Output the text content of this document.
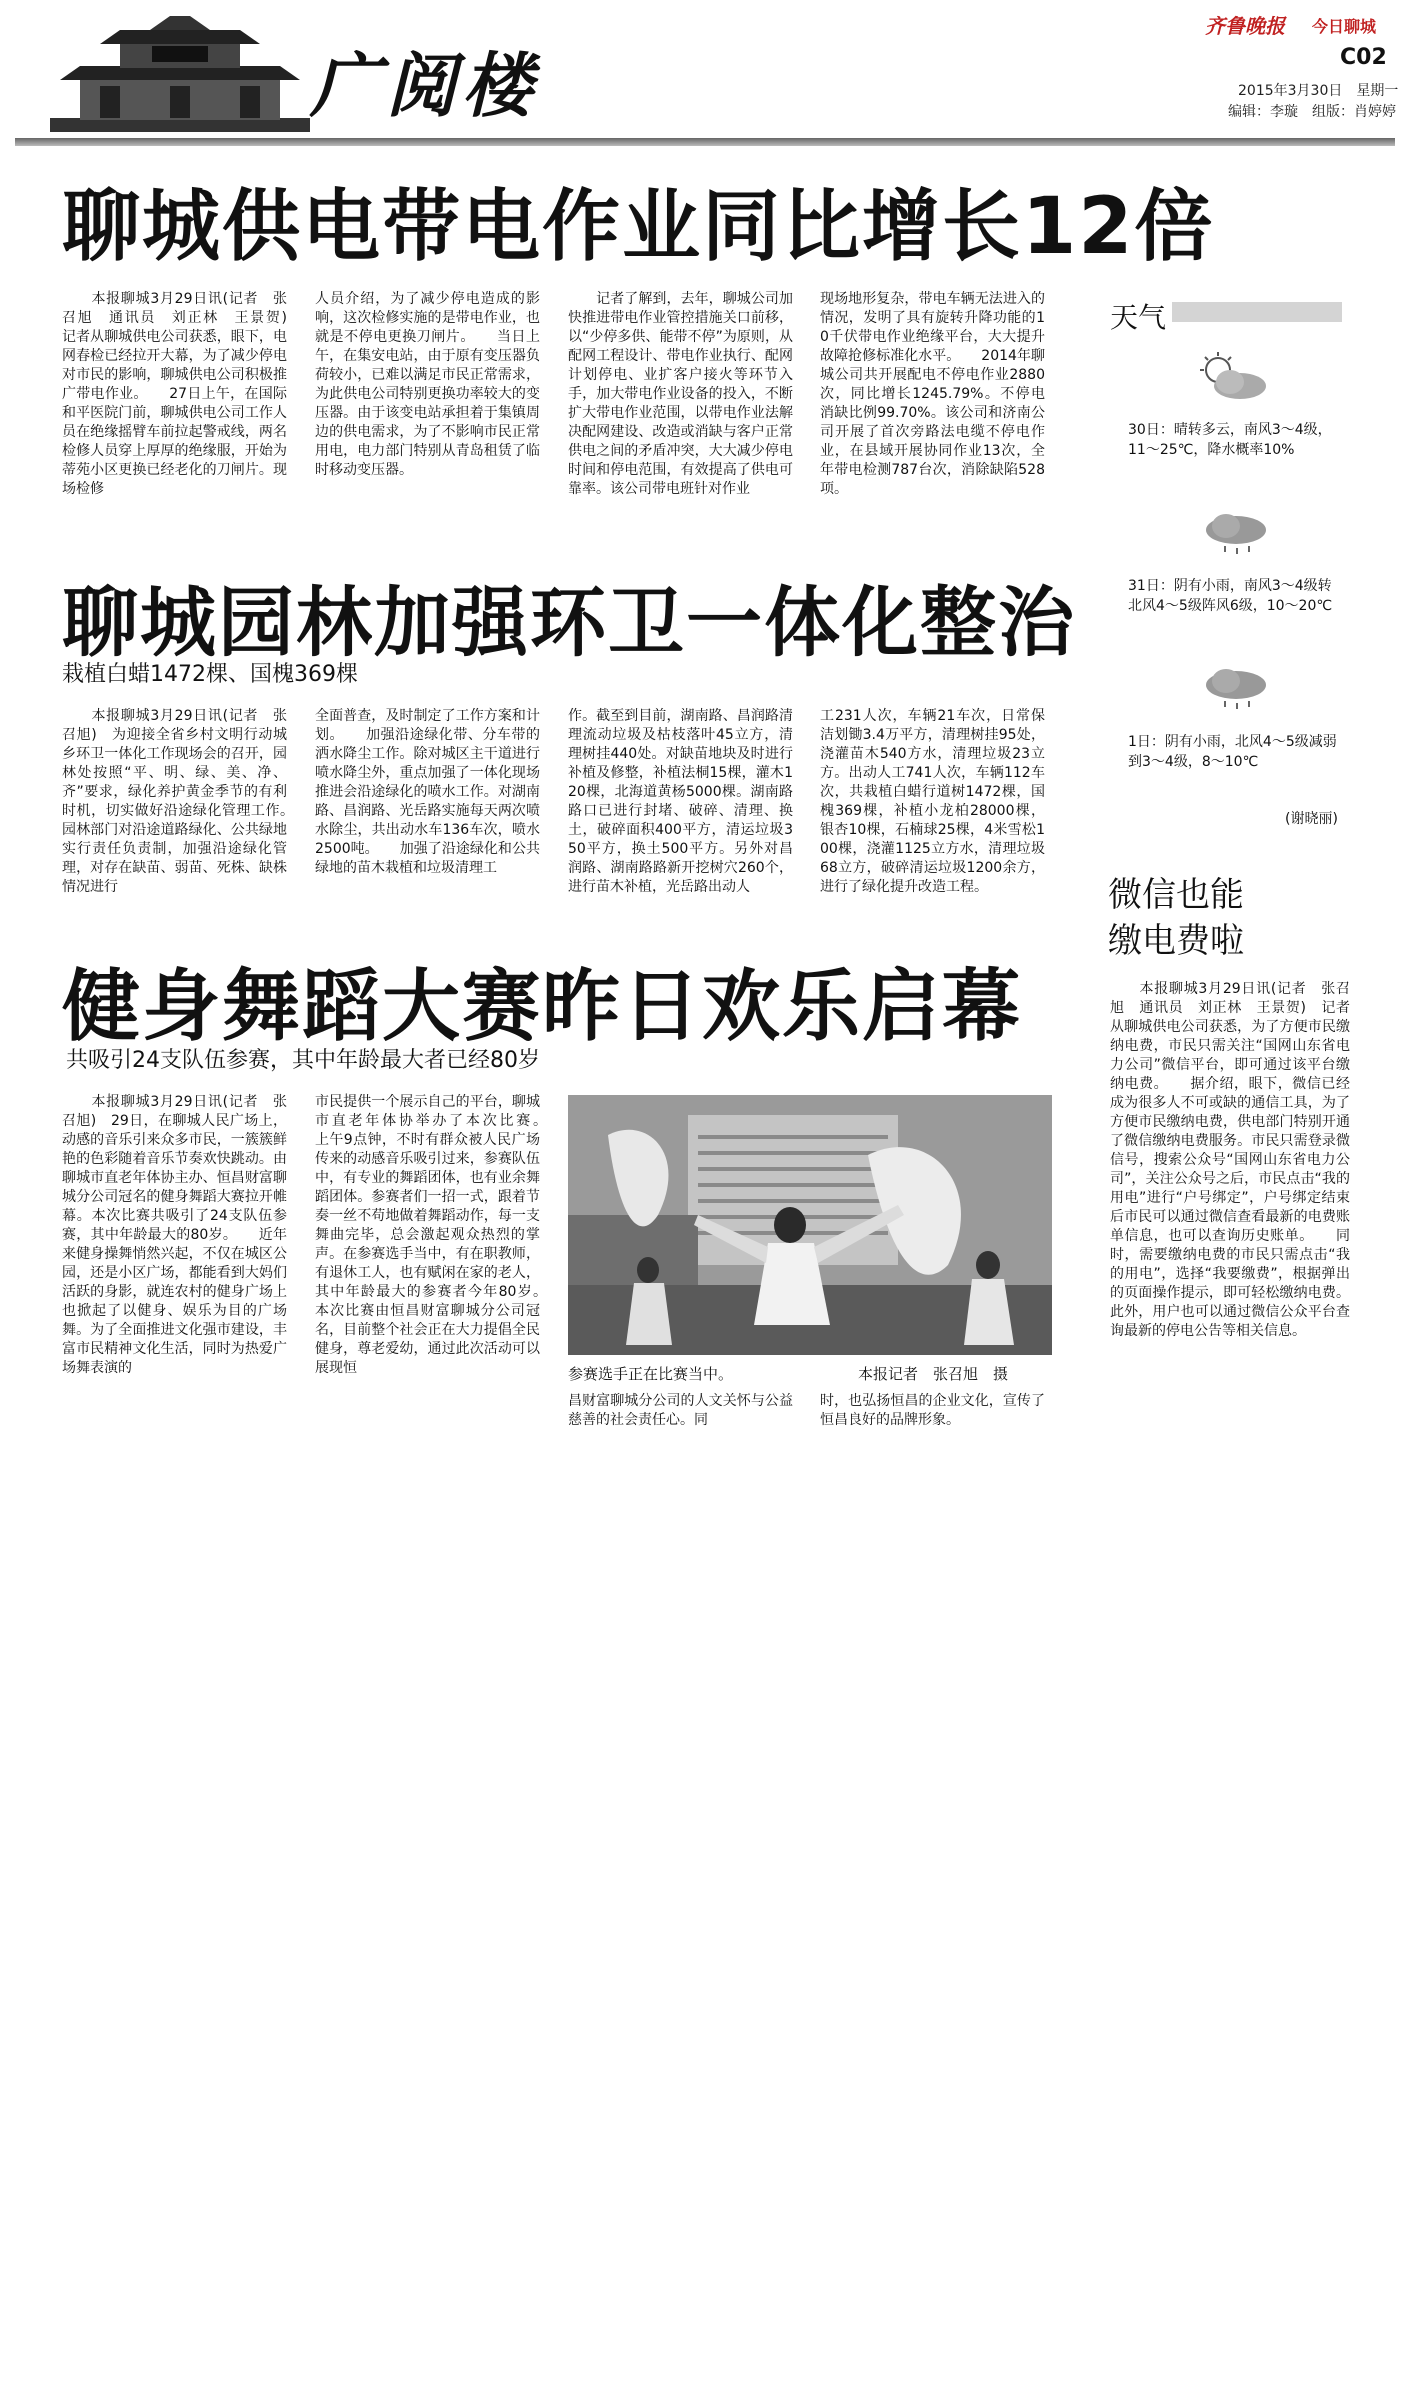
广阅楼
齐鲁晚报 今日聊城
C02
2015年3月30日　星期一
编辑：李璇　组版：肖婷婷
聊城供电带电作业同比增长12倍
　　本报聊城3月29日讯(记者　张召旭　通讯员　刘正林　王景贺)　记者从聊城供电公司获悉，眼下，电网春检已经拉开大幕，为了减少停电对市民的影响，聊城供电公司积极推广带电作业。　　27日上午，在国际和平医院门前，聊城供电公司工作人员在绝缘摇臂车前拉起警戒线，两名检修人员穿上厚厚的绝缘服，开始为蒂苑小区更换已经老化的刀闸片。现场检修
人员介绍，为了减少停电造成的影响，这次检修实施的是带电作业，也就是不停电更换刀闸片。　　当日上午，在集安电站，由于原有变压器负荷较小，已难以满足市民正常需求，为此供电公司特别更换功率较大的变压器。由于该变电站承担着于集镇周边的供电需求，为了不影响市民正常用电，电力部门特别从青岛租赁了临时移动变压器。
　　记者了解到，去年，聊城公司加快推进带电作业管控措施关口前移，以“少停多供、能带不停”为原则，从配网工程设计、带电作业执行、配网计划停电、业扩客户接火等环节入手，加大带电作业设备的投入，不断扩大带电作业范围，以带电作业法解决配网建设、改造或消缺与客户正常供电之间的矛盾冲突，大大减少停电时间和停电范围，有效提高了供电可靠率。该公司带电班针对作业
现场地形复杂，带电车辆无法进入的情况，发明了具有旋转升降功能的10千伏带电作业绝缘平台，大大提升故障抢修标准化水平。　　2014年聊城公司共开展配电不停电作业2880次，同比增长1245.79%。不停电消缺比例99.70%。该公司和济南公司开展了首次旁路法电缆不停电作业，在县域开展协同作业13次，全年带电检测787台次，消除缺陷528项。
聊城园林加强环卫一体化整治
栽植白蜡1472棵、国槐369棵
　　本报聊城3月29日讯(记者　张召旭)　为迎接全省乡村文明行动城乡环卫一体化工作现场会的召开，园林处按照“平、明、绿、美、净、齐”要求，绿化养护黄金季节的有利时机，切实做好沿途绿化管理工作。　　园林部门对沿途道路绿化、公共绿地实行责任负责制，加强沿途绿化管理，对存在缺苗、弱苗、死株、缺株情况进行
全面普查，及时制定了工作方案和计划。　　加强沿途绿化带、分车带的洒水降尘工作。除对城区主干道进行喷水降尘外，重点加强了一体化现场推进会沿途绿化的喷水工作。对湖南路、昌润路、光岳路实施每天两次喷水除尘，共出动水车136车次，喷水2500吨。　　加强了沿途绿化和公共绿地的苗木栽植和垃圾清理工
作。截至到目前，湖南路、昌润路清理流动垃圾及枯枝落叶45立方，清理树挂440处。对缺苗地块及时进行补植及修整，补植法桐15棵，灌木120棵，北海道黄杨5000棵。湖南路路口已进行封堵、破碎、清理、换土，破碎面积400平方，清运垃圾350平方，换土500平方。另外对昌润路、湖南路路新开挖树穴260个，进行苗木补植，光岳路出动人
工231人次，车辆21车次，日常保洁划锄3.4万平方，清理树挂95处，浇灌苗木540方水，清理垃圾23立方。出动人工741人次，车辆112车次，共栽植白蜡行道树1472棵，国槐369棵，补植小龙柏28000棵，银杏10棵，石楠球25棵，4米雪松100棵，浇灌1125立方水，清理垃圾68立方，破碎清运垃圾1200余方，进行了绿化提升改造工程。
健身舞蹈大赛昨日欢乐启幕
共吸引24支队伍参赛，其中年龄最大者已经80岁
　　本报聊城3月29日讯(记者　张召旭)　29日，在聊城人民广场上，动感的音乐引来众多市民，一簇簇鲜艳的色彩随着音乐节奏欢快跳动。由聊城市直老年体协主办、恒昌财富聊城分公司冠名的健身舞蹈大赛拉开帷幕。本次比赛共吸引了24支队伍参赛，其中年龄最大的80岁。　　近年来健身操舞悄然兴起，不仅在城区公园，还是小区广场，都能看到大妈们活跃的身影，就连农村的健身广场上也掀起了以健身、娱乐为目的广场舞。为了全面推进文化强市建设，丰富市民精神文化生活，同时为热爱广场舞表演的
市民提供一个展示自己的平台，聊城市直老年体协举办了本次比赛。　　上午9点钟，不时有群众被人民广场传来的动感音乐吸引过来，参赛队伍中，有专业的舞蹈团体，也有业余舞蹈团体。参赛者们一招一式，跟着节奏一丝不苟地做着舞蹈动作，每一支舞曲完毕，总会激起观众热烈的掌声。在参赛选手当中，有在职教师，有退休工人，也有赋闲在家的老人，其中年龄最大的参赛者今年80岁。　　本次比赛由恒昌财富聊城分公司冠名，目前整个社会正在大力提倡全民健身，尊老爱幼，通过此次活动可以展现恒	参赛选手正在比赛当中。	本报记者　张召旭　摄
昌财富聊城分公司的人文关怀与公益慈善的社会责任心。同
时，也弘扬恒昌的企业文化，宣传了恒昌良好的品牌形象。
天气
30日：晴转多云，南风3～4级，11～25℃，降水概率10%
31日：阴有小雨，南风3～4级转北风4～5级阵风6级，10～20℃
1日：阴有小雨，北风4～5级减弱到3～4级，8～10℃
(谢晓丽)
微信也能
缴电费啦
　　本报聊城3月29日讯(记者　张召旭　通讯员　刘正林　王景贺)　记者从聊城供电公司获悉，为了方便市民缴纳电费，市民只需关注“国网山东省电力公司”微信平台，即可通过该平台缴纳电费。　　据介绍，眼下，微信已经成为很多人不可或缺的通信工具，为了方便市民缴纳电费，供电部门特别开通了微信缴纳电费服务。市民只需登录微信号，搜索公众号“国网山东省电力公司”，关注公众号之后，市民点击“我的用电”进行“户号绑定”，户号绑定结束后市民可以通过微信查看最新的电费账单信息，也可以查询历史账单。　　同时，需要缴纳电费的市民只需点击“我的用电”，选择“我要缴费”，根据弹出的页面操作提示，即可轻松缴纳电费。此外，用户也可以通过微信公众平台查询最新的停电公告等相关信息。
